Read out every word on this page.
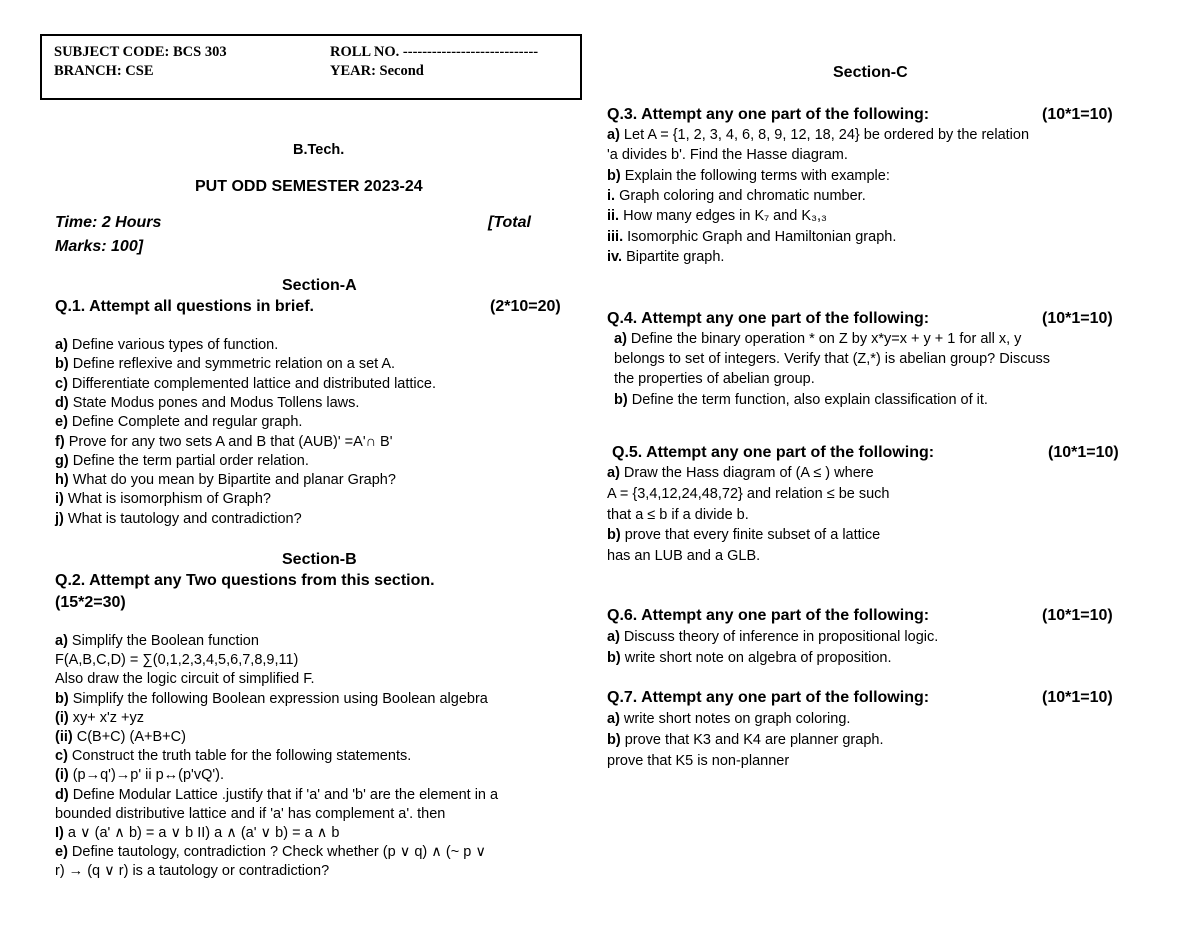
SUBJECT CODE: BCS 303
BRANCH: CSE
ROLL NO. ----------------------------
YEAR: Second
B.Tech.
PUT ODD SEMESTER 2023-24
Time: 2 Hours	[Total
Marks: 100]
Section-A
Q.1. Attempt all questions in brief.	(2*10=20)
a) Define various types of function.
b) Define reflexive and symmetric relation on a set A.
c) Differentiate complemented lattice and distributed lattice.
d) State Modus pones and Modus Tollens laws.
e) Define Complete and regular graph.
f) Prove for any two sets A and B that (AUB)' =A'∩ B'
g) Define the term partial order relation.
h) What do you mean by Bipartite and planar Graph?
i) What is isomorphism of Graph?
j) What is tautology and contradiction?
Section-B
Q.2. Attempt any Two questions from this section.
(15*2=30)
a) Simplify the Boolean function
F(A,B,C,D) = ∑(0,1,2,3,4,5,6,7,8,9,11)
Also draw the logic circuit of simplified F.
b) Simplify the following Boolean expression using Boolean algebra
(i) xy+ x'z +yz
(ii) C(B+C) (A+B+C)
c) Construct the truth table for the following statements.
(i) (p→q')→p' ii p↔(p'vQ').
d) Define Modular Lattice .justify that if 'a' and 'b' are the element in a
bounded distributive lattice and if 'a' has complement a'. then
I) a ∨ (a' ∧ b) = a ∨ b II) a ∧ (a' ∨ b) = a ∧ b
e) Define tautology, contradiction ? Check whether (p ∨ q) ∧ (~ p ∨
r) → (q ∨ r) is a tautology or contradiction?
Section-C
Q.3. Attempt any one part of the following:	(10*1=10)
a) Let A = {1, 2, 3, 4, 6, 8, 9, 12, 18, 24} be ordered by the relation
'a divides b'. Find the Hasse diagram.
b) Explain the following terms with example:
i. Graph coloring and chromatic number.
ii. How many edges in K₇ and K₃,₃
iii. Isomorphic Graph and Hamiltonian graph.
iv. Bipartite graph.
Q.4. Attempt any one part of the following:	(10*1=10)
a) Define the binary operation * on Z by x*y=x + y + 1 for all x, y
belongs to set of integers. Verify that (Z,*) is abelian group? Discuss
the properties of abelian group.
b) Define the term function, also explain classification of it.
Q.5. Attempt any one part of the following:	(10*1=10)
a) Draw the Hass diagram of (A ≤ ) where
A = {3,4,12,24,48,72} and relation ≤ be such
that a ≤ b if a divide b.
b) prove that every finite subset of a lattice
has an LUB and a GLB.
Q.6. Attempt any one part of the following:	(10*1=10)
a) Discuss theory of inference in propositional logic.
b) write short note on algebra of proposition.
Q.7. Attempt any one part of the following:	(10*1=10)
a) write short notes on graph coloring.
b) prove that K3 and K4 are planner graph.
prove that K5 is non-planner
